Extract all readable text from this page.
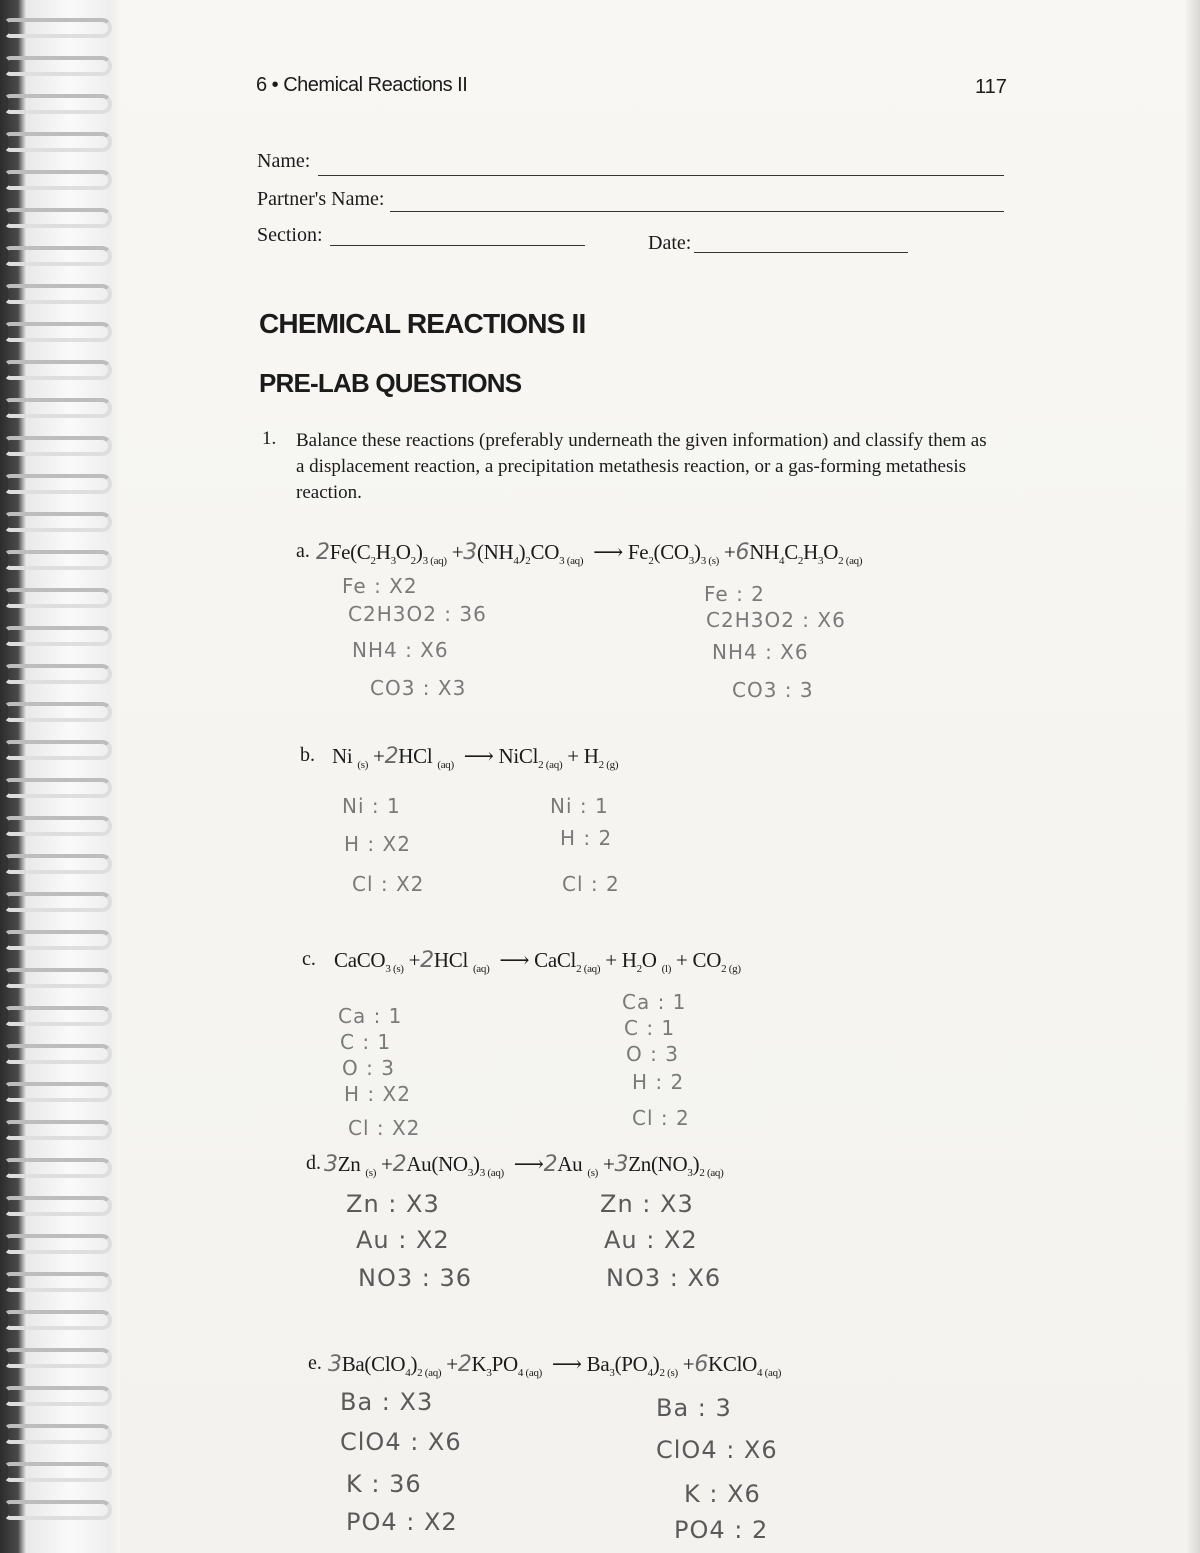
6 • Chemical Reactions II	117
Name:
Partner's Name:
Section:	Date:
CHEMICAL REACTIONS II
PRE-LAB QUESTIONS
1. Balance these reactions (preferably underneath the given information) and classify them as a displacement reaction, a precipitation metathesis reaction, or a gas-forming metathesis reaction.
a. $2Fe(C_2H_3O_2)_{3 (aq)} +3(NH_4)_2CO_{3 (aq)}$  ⟶ $Fe_2(CO_3)_{3 (s)} +6NH_4C_2H_3O_{2 (aq)}$
Fe : X2
C2H3O2 : 36
NH4 : X6
CO3 : X3
Fe : 2
C2H3O2 : X6
NH4 : X6
CO3 : 3
b. Ni $_{(s)}$ +2HCl $_{(aq)}$  ⟶ NiCl$_{2 (aq)}$ + $H_{2 (g)}$
Ni : 1
H : X2
Cl : X2
Ni : 1
H : 2
Cl : 2
c. CaCO$_{3 (s)}$ +2HCl $_{(aq)}$  ⟶ CaCl$_{2 (aq)}$ + $H_2O$ $_{(l)} + CO_{2 (g)}$
Ca : 1
C : 1
O : 3
H : X2
Cl : X2
Ca : 1
C : 1
O : 3
H : 2
Cl : 2
d. 3Zn $_{(s)} +2Au(NO_3)_{3 (aq)}$  ⟶2Au $_{(s)} +3Zn(NO_3)_{2 (aq)}$
Zn : X3
Au : X2
NO3 : 36
Zn : X3
Au : X2
NO3 : X6
e. $3Ba(ClO_4)_{2 (aq)} +2K_3PO_{4 (aq)}$  ⟶ $Ba_3(PO_4)_{2 (s)}$ +6KClO$_{4 (aq)}$
Ba : X3
ClO4 : X6
K : 36
PO4 : X2
Ba : 3
ClO4 : X6
K : X6
PO4 : 2
